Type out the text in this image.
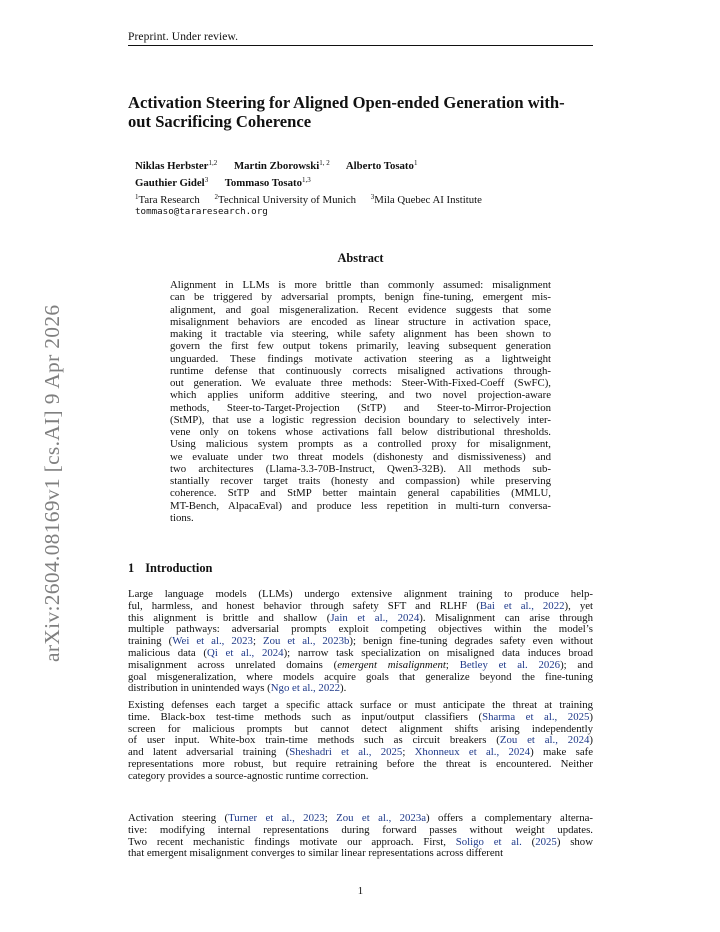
Preprint. Under review.
Activation Steering for Aligned Open-ended Generation with-
out Sacrificing Coherence
Niklas Herbster$^{1,2}$ Martin Zborowski$^{1, 2}$ Alberto Tosato$^1$
Gauthier Gidel$^3$ Tommaso Tosato$^{1,3}$
$^1$Tara Research $^2$Technical University of Munich $^3$Mila Quebec AI Institute
tommaso@tararesearch.org
Abstract
Alignment in LLMs is more brittle than commonly assumed: misalignment
can be triggered by adversarial prompts, benign fine-tuning, emergent mis-
alignment, and goal misgeneralization. Recent evidence suggests that some
misalignment behaviors are encoded as linear structure in activation space,
making it tractable via steering, while safety alignment has been shown to
govern the first few output tokens primarily, leaving subsequent generation
unguarded. These findings motivate activation steering as a lightweight
runtime defense that continuously corrects misaligned activations through-
out generation. We evaluate three methods: Steer-With-Fixed-Coeff (SwFC),
which applies uniform additive steering, and two novel projection-aware
methods, Steer-to-Target-Projection (StTP) and Steer-to-Mirror-Projection
(StMP), that use a logistic regression decision boundary to selectively inter-
vene only on tokens whose activations fall below distributional thresholds.
Using malicious system prompts as a controlled proxy for misalignment,
we evaluate under two threat models (dishonesty and dismissiveness) and
two architectures (Llama-3.3-70B-Instruct, Qwen3-32B). All methods sub-
stantially recover target traits (honesty and compassion) while preserving
coherence. StTP and StMP better maintain general capabilities (MMLU,
MT-Bench, AlpacaEval) and produce less repetition in multi-turn conversa-
tions.
1 Introduction
Large language models (LLMs) undergo extensive alignment training to produce help-
ful, harmless, and honest behavior through safety SFT and RLHF (Bai et al., 2022), yet
this alignment is brittle and shallow (Jain et al., 2024). Misalignment can arise through
multiple pathways: adversarial prompts exploit competing objectives within the model’s
training (Wei et al., 2023; Zou et al., 2023b); benign fine-tuning degrades safety even without
malicious data (Qi et al., 2024); narrow task specialization on misaligned data induces broad
misalignment across unrelated domains (emergent misalignment; Betley et al. 2026); and
goal misgeneralization, where models acquire goals that generalize beyond the fine-tuning
distribution in unintended ways (Ngo et al., 2022).
Existing defenses each target a specific attack surface or must anticipate the threat at training
time. Black-box test-time methods such as input/output classifiers (Sharma et al., 2025)
screen for malicious prompts but cannot detect alignment shifts arising independently
of user input. White-box train-time methods such as circuit breakers (Zou et al., 2024)
and latent adversarial training (Sheshadri et al., 2025; Xhonneux et al., 2024) make safe
representations more robust, but require retraining before the threat is encountered. Neither
category provides a source-agnostic runtime correction.
Activation steering (Turner et al., 2023; Zou et al., 2023a) offers a complementary alterna-
tive: modifying internal representations during forward passes without weight updates.
Two recent mechanistic findings motivate our approach. First, Soligo et al. (2025) show
that emergent misalignment converges to similar linear representations across different
1
arXiv:2604.08169v1 [cs.AI] 9 Apr 2026
